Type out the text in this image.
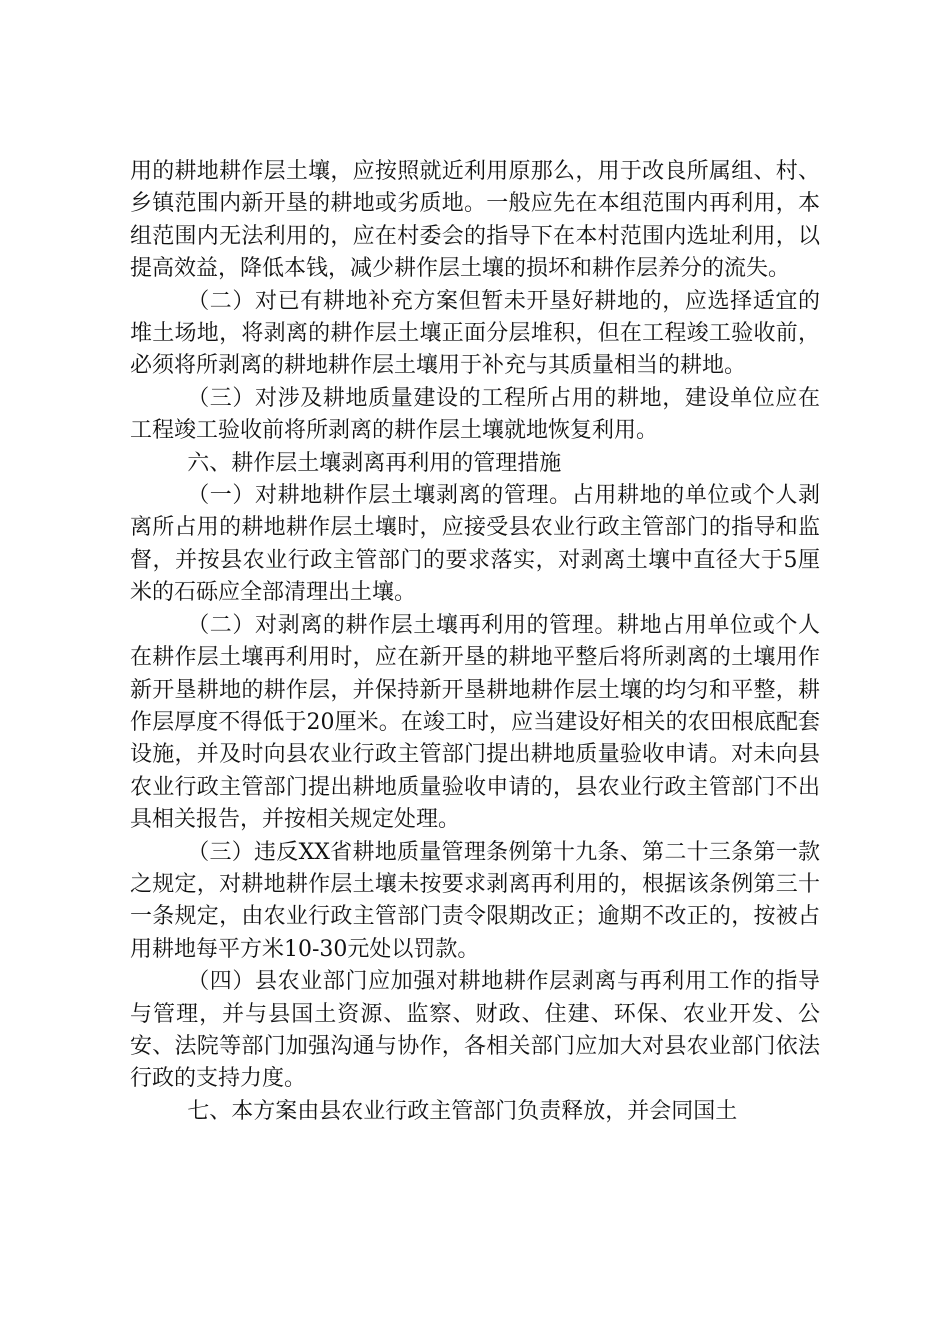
用的耕地耕作层土壤，应按照就近利用原那么，用于改良所属组、村、乡镇范围内新开垦的耕地或劣质地。一般应先在本组范围内再利用，本组范围内无法利用的，应在村委会的指导下在本村范围内选址利用，以提高效益，降低本钱，减少耕作层土壤的损坏和耕作层养分的流失。

（二）对已有耕地补充方案但暂未开垦好耕地的，应选择适宜的堆土场地，将剥离的耕作层土壤正面分层堆积，但在工程竣工验收前，必须将所剥离的耕地耕作层土壤用于补充与其质量相当的耕地。

（三）对涉及耕地质量建设的工程所占用的耕地，建设单位应在工程竣工验收前将所剥离的耕作层土壤就地恢复利用。

六、耕作层土壤剥离再利用的管理措施

（一）对耕地耕作层土壤剥离的管理。占用耕地的单位或个人剥离所占用的耕地耕作层土壤时，应接受县农业行政主管部门的指导和监督，并按县农业行政主管部门的要求落实，对剥离土壤中直径大于5厘米的石砾应全部清理出土壤。

（二）对剥离的耕作层土壤再利用的管理。耕地占用单位或个人在耕作层土壤再利用时，应在新开垦的耕地平整后将所剥离的土壤用作新开垦耕地的耕作层，并保持新开垦耕地耕作层土壤的均匀和平整，耕作层厚度不得低于20厘米。在竣工时，应当建设好相关的农田根底配套设施，并及时向县农业行政主管部门提出耕地质量验收申请。对未向县农业行政主管部门提出耕地质量验收申请的，县农业行政主管部门不出具相关报告，并按相关规定处理。

（三）违反XX省耕地质量管理条例第十九条、第二十三条第一款之规定，对耕地耕作层土壤未按要求剥离再利用的，根据该条例第三十一条规定，由农业行政主管部门责令限期改正；逾期不改正的，按被占用耕地每平方米10-30元处以罚款。

（四）县农业部门应加强对耕地耕作层剥离与再利用工作的指导与管理，并与县国土资源、监察、财政、住建、环保、农业开发、公安、法院等部门加强沟通与协作，各相关部门应加大对县农业部门依法行政的支持力度。

七、本方案由县农业行政主管部门负责释放，并会同国土
